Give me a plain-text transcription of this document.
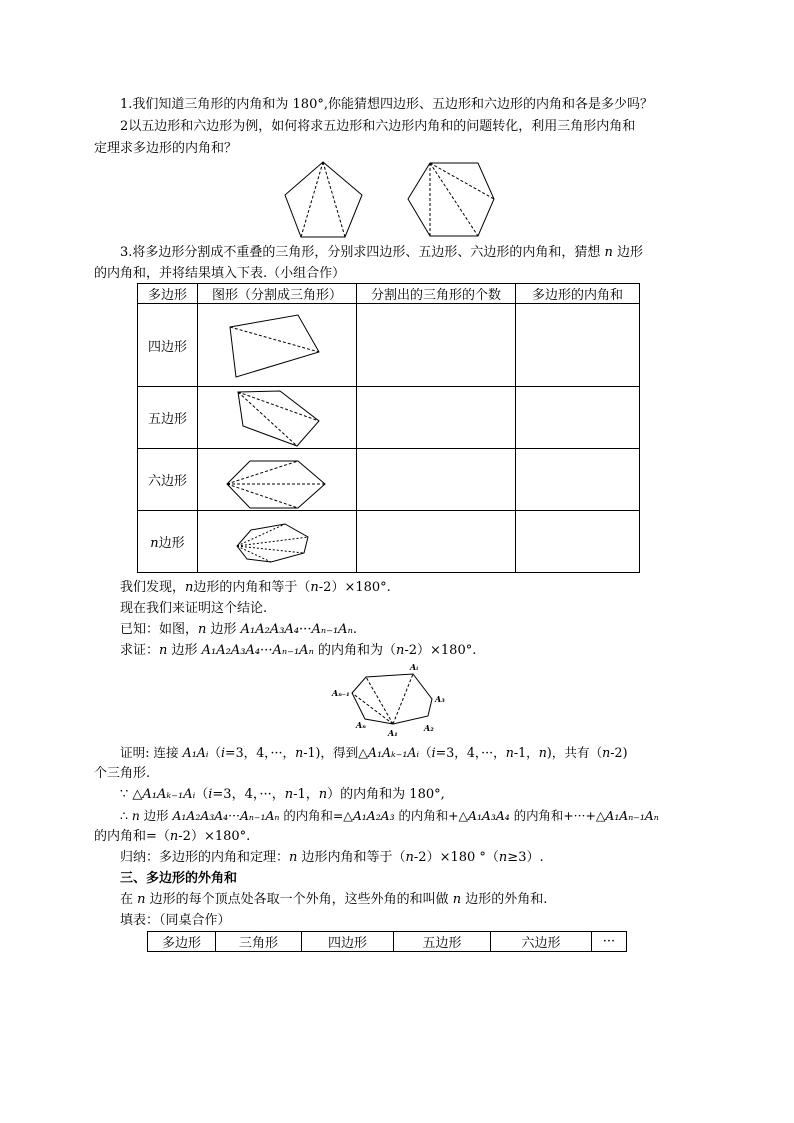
1.我们知道三角形的内角和为 180°,你能猜想四边形、五边形和六边形的内角和各是多少吗？
2以五边形和六边形为例，如何将求五边形和六边形内角和的问题转化，利用三角形内角和
定理求多边形的内角和？
3.将多边形分割成不重叠的三角形，分别求四边形、五边形、六边形的内角和，猜想 n 边形
的内角和，并将结果填入下表.（小组合作）
多边形	图形（分割成三角形）	分割出的三角形的个数	多边形的内角和
四边形			
五边形			
六边形			
n边形			
我们发现，n边形的内角和等于（n-2）×180°.
现在我们来证明这个结论.
已知：如图，n 边形 A₁A₂A₃A₄···Aₙ₋₁Aₙ.
求证：n 边形 A₁A₂A₃A₄···Aₙ₋₁Aₙ 的内角和为（n-2）×180°.
Aᵢ
A₃
A₂
A₁
Aₙ
Aₙ₋₁
证明: 连接 A₁Aᵢ（i=3，4，···，n-1)，得到△A₁Aₖ₋₁Aᵢ（i=3，4，···，n-1，n)，共有（n-2)
个三角形.
∵ △A₁Aₖ₋₁Aᵢ（i=3，4，···，n-1，n）的内角和为 180°,
∴ n 边形 A₁A₂A₃A₄···Aₙ₋₁Aₙ 的内角和=△A₁A₂A₃ 的内角和+△A₁A₃A₄ 的内角和+···+△A₁Aₙ₋₁Aₙ
的内角和=（n-2）×180°.
归纳：多边形的内角和定理：n 边形内角和等于（n-2）×180 °（n≥3）.
三、多边形的外角和
在 n 边形的每个顶点处各取一个外角，这些外角的和叫做 n 边形的外角和.
填表：（同桌合作）
多边形	三角形	四边形	五边形	六边形	···
